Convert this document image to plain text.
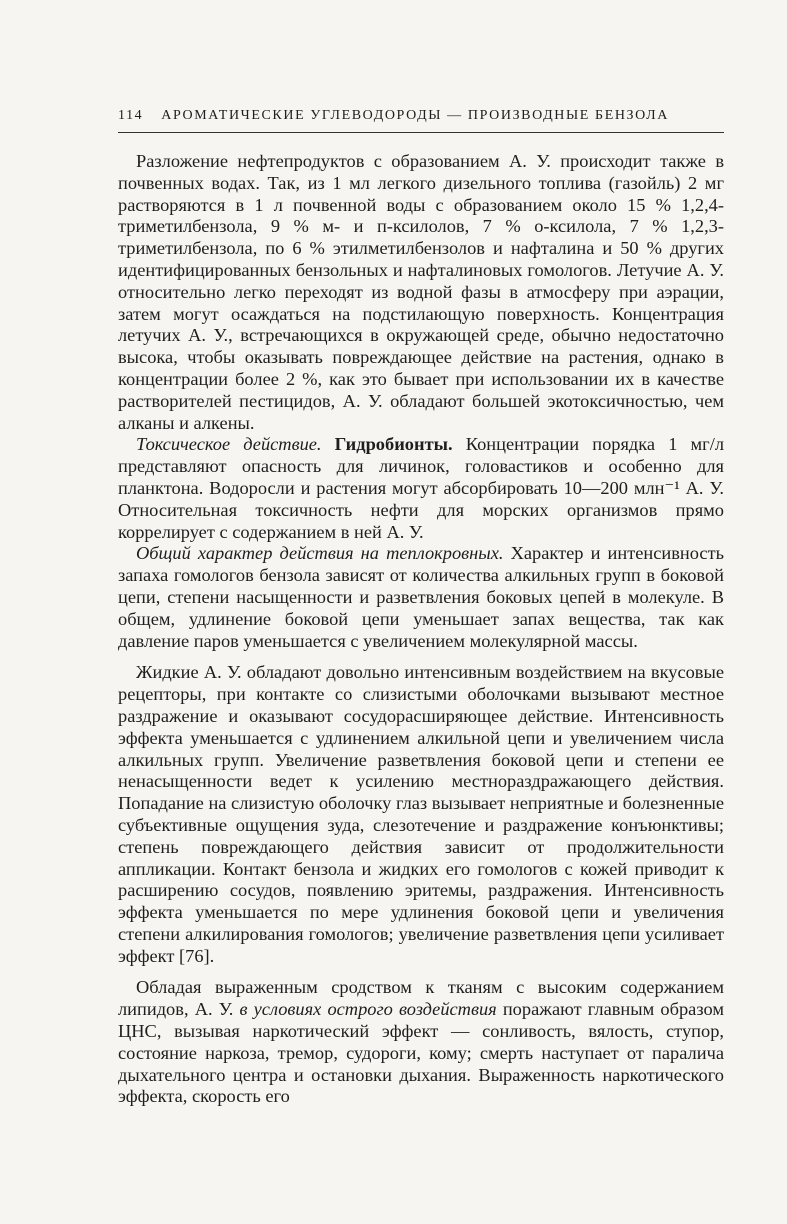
114 АРОМАТИЧЕСКИЕ УГЛЕВОДОРОДЫ — ПРОИЗВОДНЫЕ БЕНЗОЛА

Разложение нефтепродуктов с образованием А. У. происходит также в почвенных водах. Так, из 1 мл легкого дизельного топлива (газойль) 2 мг растворяются в 1 л почвенной воды с образованием около 15 % 1,2,4-триметилбензола, 9 % м- и п-ксилолов, 7 % о-ксилола, 7 % 1,2,3-триметилбензола, по 6 % этилметилбензолов и нафталина и 50 % других идентифицированных бензольных и нафталиновых гомологов. Летучие А. У. относительно легко переходят из водной фазы в атмосферу при аэрации, затем могут осаждаться на подстилающую поверхность. Концентрация летучих А. У., встречающихся в окружающей среде, обычно недостаточно высока, чтобы оказывать повреждающее действие на растения, однако в концентрации более 2 %, как это бывает при использовании их в качестве растворителей пестицидов, А. У. обладают большей экотоксичностью, чем алканы и алкены.

Токсическое действие. Гидробионты. Концентрации порядка 1 мг/л представляют опасность для личинок, головастиков и особенно для планктона. Водоросли и растения могут абсорбировать 10—200 млн⁻¹ А. У. Относительная токсичность нефти для морских организмов прямо коррелирует с содержанием в ней А. У.

Общий характер действия на теплокровных. Характер и интенсивность запаха гомологов бензола зависят от количества алкильных групп в боковой цепи, степени насыщенности и разветвления боковых цепей в молекуле. В общем, удлинение боковой цепи уменьшает запах вещества, так как давление паров уменьшается с увеличением молекулярной массы.

Жидкие А. У. обладают довольно интенсивным воздействием на вкусовые рецепторы, при контакте со слизистыми оболочками вызывают местное раздражение и оказывают сосудорасширяющее действие. Интенсивность эффекта уменьшается с удлинением алкильной цепи и увеличением числа алкильных групп. Увеличение разветвления боковой цепи и степени ее ненасыщенности ведет к усилению местнораздражающего действия. Попадание на слизистую оболочку глаз вызывает неприятные и болезненные субъективные ощущения зуда, слезотечение и раздражение конъюнктивы; степень повреждающего действия зависит от продолжительности аппликации. Контакт бензола и жидких его гомологов с кожей приводит к расширению сосудов, появлению эритемы, раздражения. Интенсивность эффекта уменьшается по мере удлинения боковой цепи и увеличения степени алкилирования гомологов; увеличение разветвления цепи усиливает эффект [76].

Обладая выраженным сродством к тканям с высоким содержанием липидов, А. У. в условиях острого воздействия поражают главным образом ЦНС, вызывая наркотический эффект — сонливость, вялость, ступор, состояние наркоза, тремор, судороги, кому; смерть наступает от паралича дыхательного центра и остановки дыхания. Выраженность наркотического эффекта, скорость его
